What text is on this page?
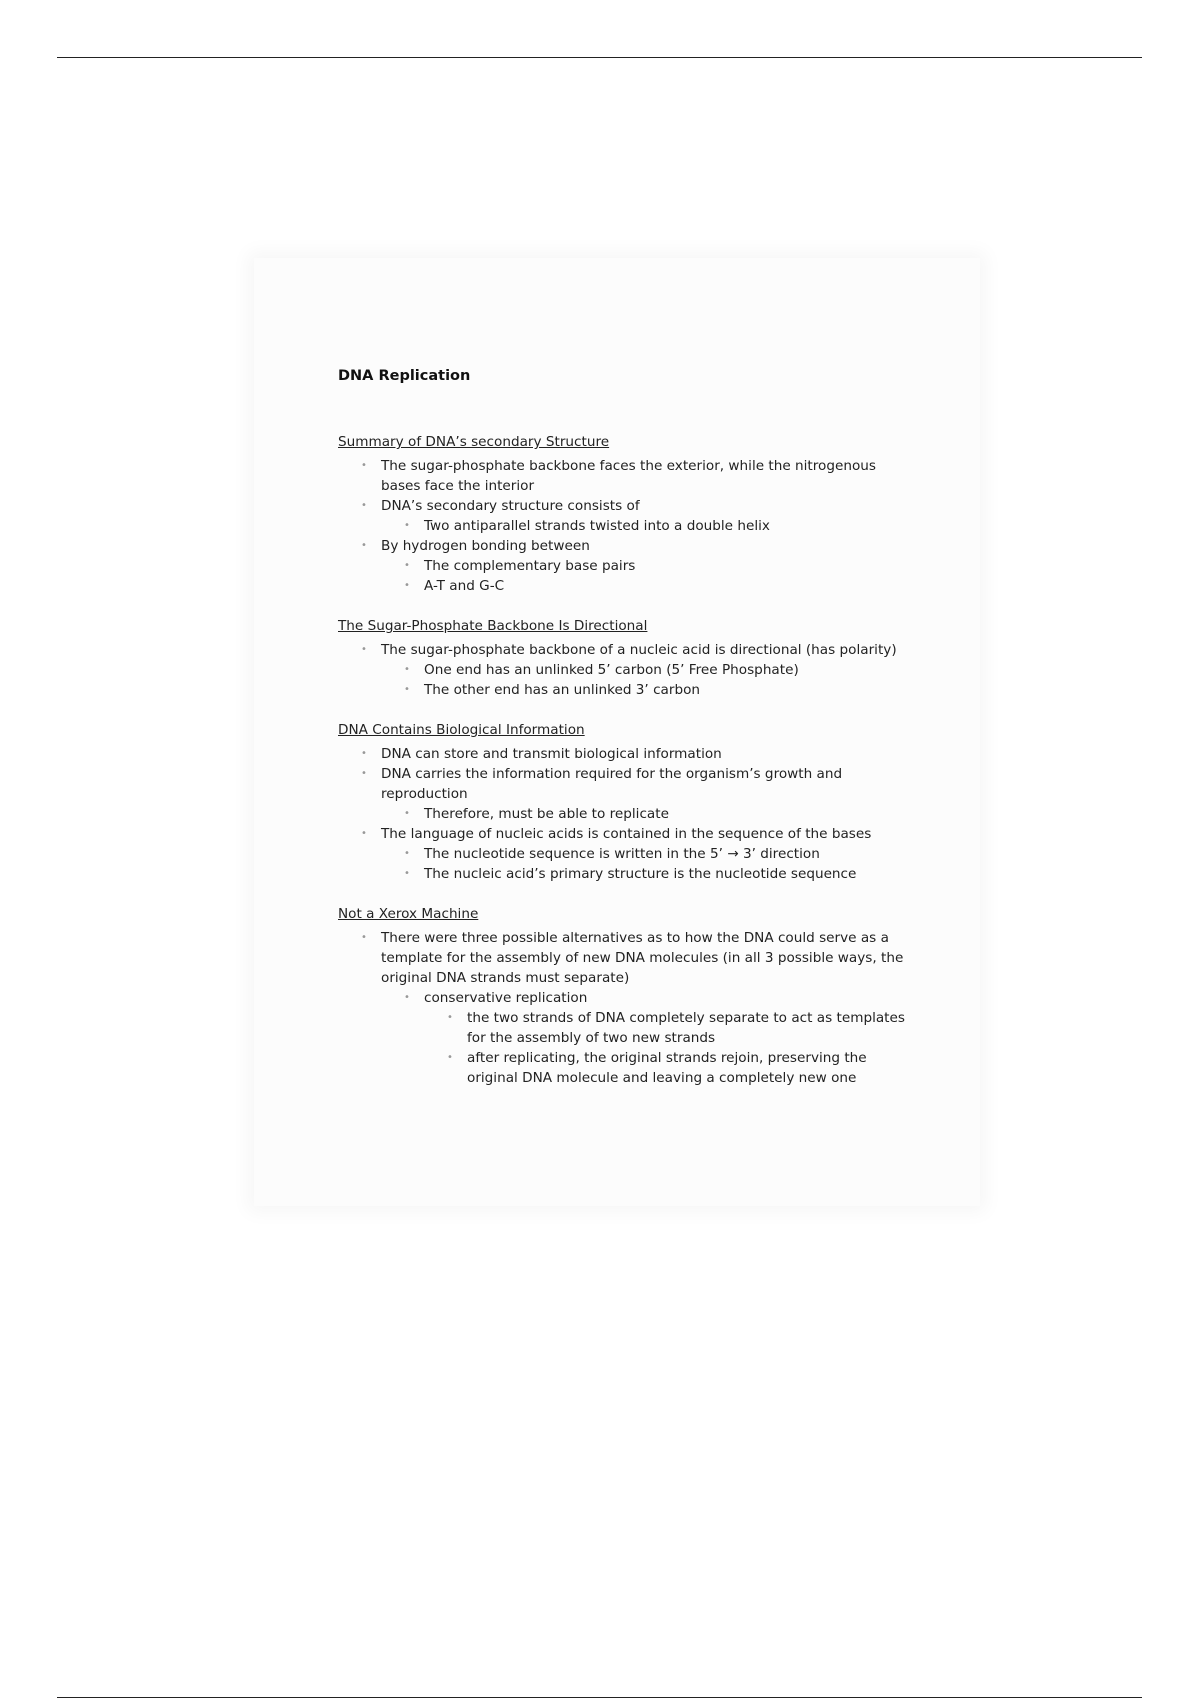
DNA Replication
Summary of DNA’s secondary Structure
• The sugar-phosphate backbone faces the exterior, while the nitrogenous bases face the interior
• DNA’s secondary structure consists of
• Two antiparallel strands twisted into a double helix
• By hydrogen bonding between
• The complementary base pairs
• A-T and G-C
The Sugar-Phosphate Backbone Is Directional
• The sugar-phosphate backbone of a nucleic acid is directional (has polarity)
• One end has an unlinked 5’ carbon (5’ Free Phosphate)
• The other end has an unlinked 3’ carbon
DNA Contains Biological Information
• DNA can store and transmit biological information
• DNA carries the information required for the organism’s growth and reproduction
• Therefore, must be able to replicate
• The language of nucleic acids is contained in the sequence of the bases
• The nucleotide sequence is written in the 5’ → 3’ direction
• The nucleic acid’s primary structure is the nucleotide sequence
Not a Xerox Machine
• There were three possible alternatives as to how the DNA could serve as a template for the assembly of new DNA molecules (in all 3 possible ways, the original DNA strands must separate)
• conservative replication
• the two strands of DNA completely separate to act as templates for the assembly of two new strands
• after replicating, the original strands rejoin, preserving the original DNA molecule and leaving a completely new one
